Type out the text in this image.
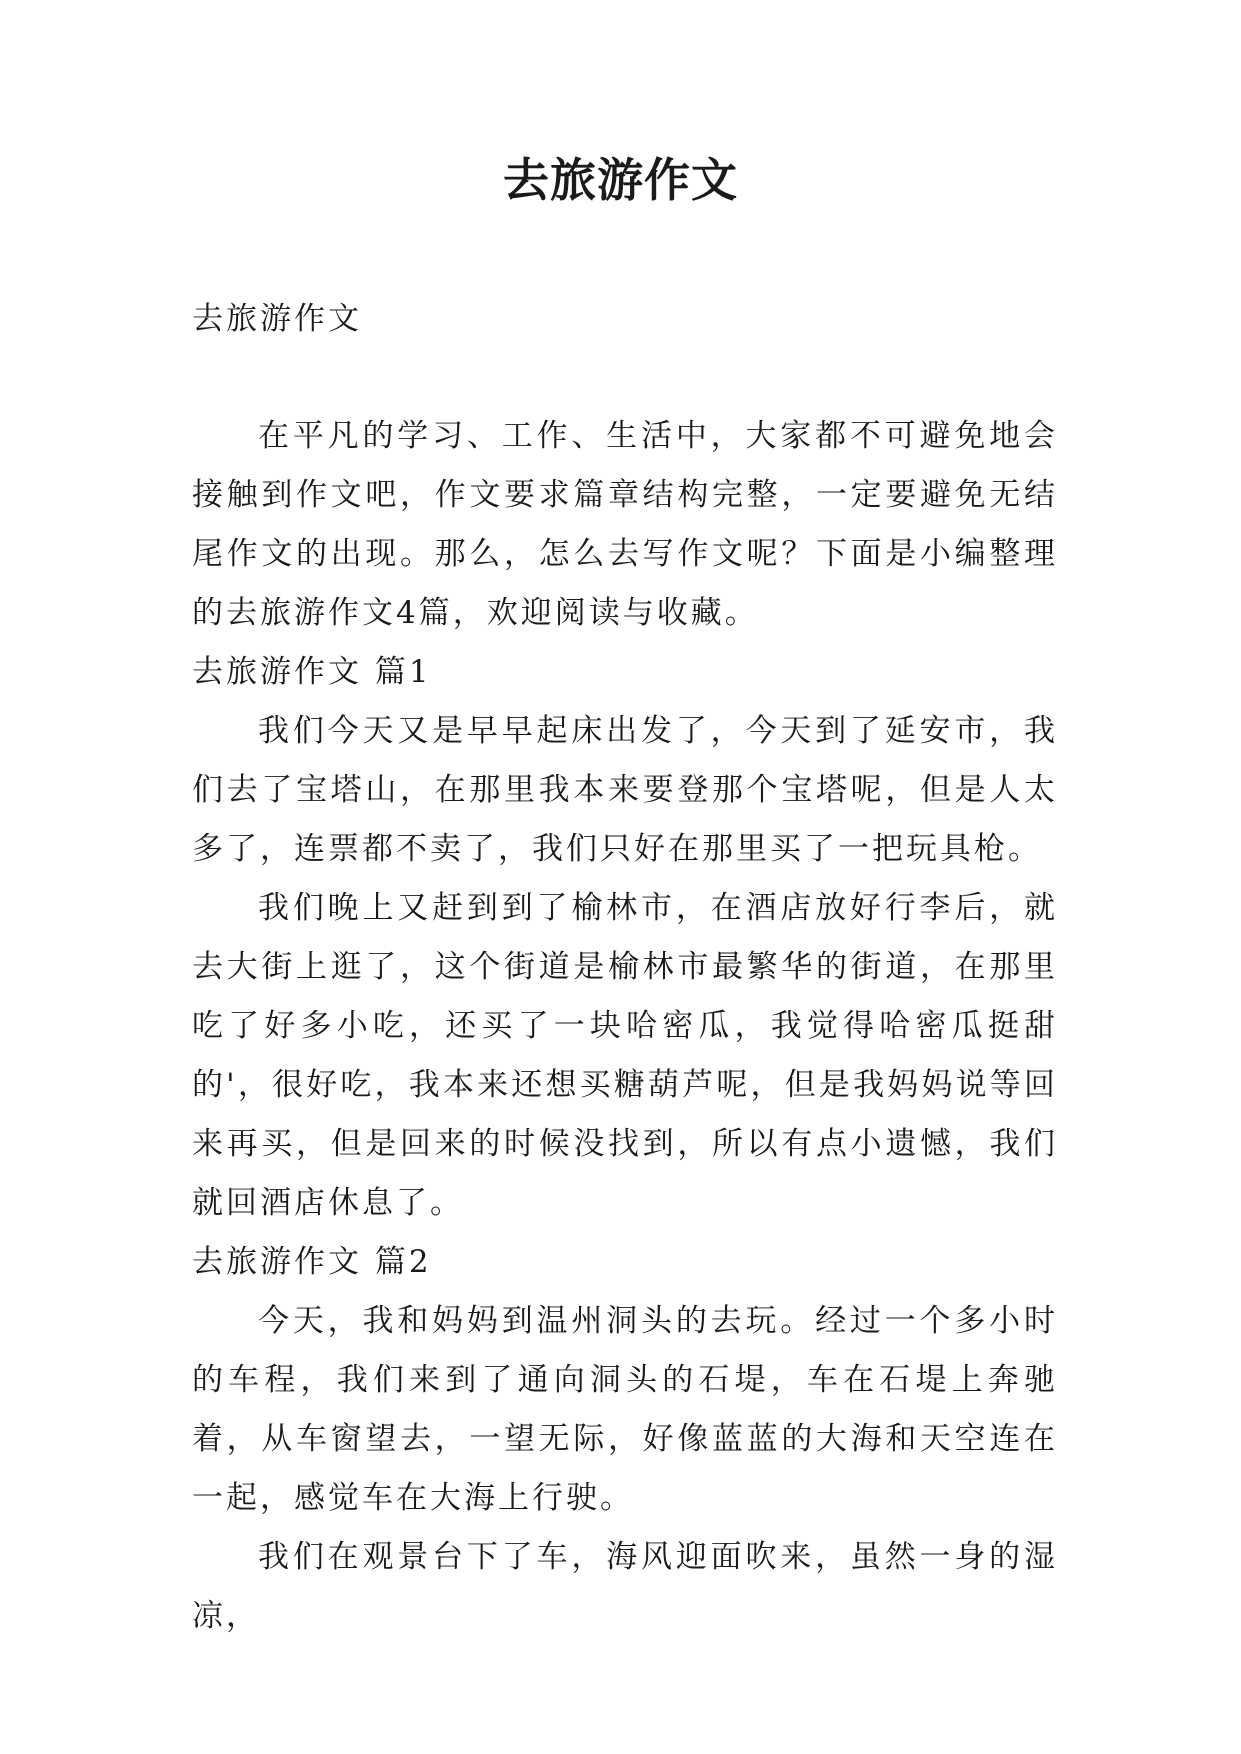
去旅游作文

去旅游作文

在平凡的学习、工作、生活中，大家都不可避免地会接触到作文吧，作文要求篇章结构完整，一定要避免无结尾作文的出现。那么，怎么去写作文呢？下面是小编整理的去旅游作文4篇，欢迎阅读与收藏。

去旅游作文 篇1

我们今天又是早早起床出发了，今天到了延安市，我们去了宝塔山，在那里我本来要登那个宝塔呢，但是人太多了，连票都不卖了，我们只好在那里买了一把玩具枪。

我们晚上又赶到到了榆林市，在酒店放好行李后，就去大街上逛了，这个街道是榆林市最繁华的街道，在那里吃了好多小吃，还买了一块哈密瓜，我觉得哈密瓜挺甜的'，很好吃，我本来还想买糖葫芦呢，但是我妈妈说等回来再买，但是回来的时候没找到，所以有点小遗憾，我们就回酒店休息了。

去旅游作文 篇2

今天，我和妈妈到温州洞头的去玩。经过一个多小时的车程，我们来到了通向洞头的石堤，车在石堤上奔驰着，从车窗望去，一望无际，好像蓝蓝的大海和天空连在一起，感觉车在大海上行驶。

我们在观景台下了车，海风迎面吹来，虽然一身的湿凉，
